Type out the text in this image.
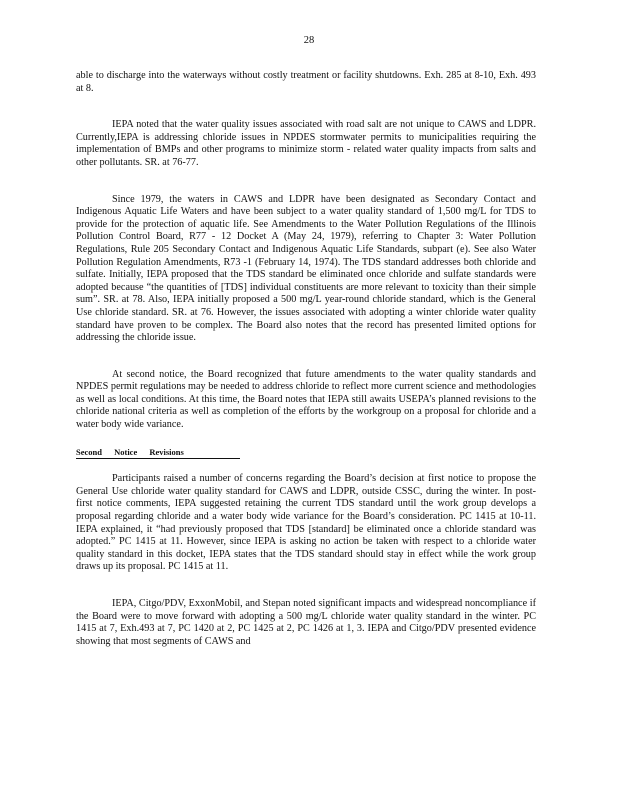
28

able to discharge into the waterways without costly treatment or facility shutdowns. Exh. 285 at 8-10, Exh. 493 at 8.

IEPA noted that the water quality issues associated with road salt are not unique to CAWS and LDPR. Currently,IEPA is addressing chloride issues in NPDES stormwater permits to municipalities requiring the implementation of BMPs and other programs to minimize storm - related water quality impacts from salts and other pollutants. SR. at 76-77.

Since 1979, the waters in CAWS and LDPR have been designated as Secondary Contact and Indigenous Aquatic Life Waters and have been subject to a water quality standard of 1,500 mg/L for TDS to provide for the protection of aquatic life. See Amendments to the Water Pollution Regulations of the Illinois Pollution Control Board, R77 - 12 Docket A (May 24, 1979), referring to Chapter 3: Water Pollution Regulations, Rule 205 Secondary Contact and Indigenous Aquatic Life Standards, subpart (e). See also Water Pollution Regulation Amendments, R73 -1 (February 14, 1974). The TDS standard addresses both chloride and sulfate. Initially, IEPA proposed that the TDS standard be eliminated once chloride and sulfate standards were adopted because “the quantities of [TDS] individual constituents are more relevant to toxicity than their simple sum”. SR. at 78. Also, IEPA initially proposed a 500 mg/L year-round chloride standard, which is the General Use chloride standard. SR. at 76. However, the issues associated with adopting a winter chloride water quality standard have proven to be complex. The Board also notes that the record has presented limited options for addressing the chloride issue.

At second notice, the Board recognized that future amendments to the water quality standards and NPDES permit regulations may be needed to address chloride to reflect more current science and methodologies as well as local conditions. At this time, the Board notes that IEPA still awaits USEPA’s planned revisions to the chloride national criteria as well as completion of the efforts by the workgroup on a proposal for chloride and a water body wide variance.

Second Notice Revisions

Participants raised a number of concerns regarding the Board’s decision at first notice to propose the General Use chloride water quality standard for CAWS and LDPR, outside CSSC, during the winter. In post-first notice comments, IEPA suggested retaining the current TDS standard until the work group develops a proposal regarding chloride and a water body wide variance for the Board’s consideration. PC 1415 at 10-11. IEPA explained, it “had previously proposed that TDS [standard] be eliminated once a chloride standard was adopted.” PC 1415 at 11. However, since IEPA is asking no action be taken with respect to a chloride water quality standard in this docket, IEPA states that the TDS standard should stay in effect while the work group draws up its proposal. PC 1415 at 11.

IEPA, Citgo/PDV, ExxonMobil, and Stepan noted significant impacts and widespread noncompliance if the Board were to move forward with adopting a 500 mg/L chloride water quality standard in the winter. PC 1415 at 7, Exh.493 at 7, PC 1420 at 2, PC 1425 at 2, PC 1426 at 1, 3. IEPA and Citgo/PDV presented evidence showing that most segments of CAWS and
